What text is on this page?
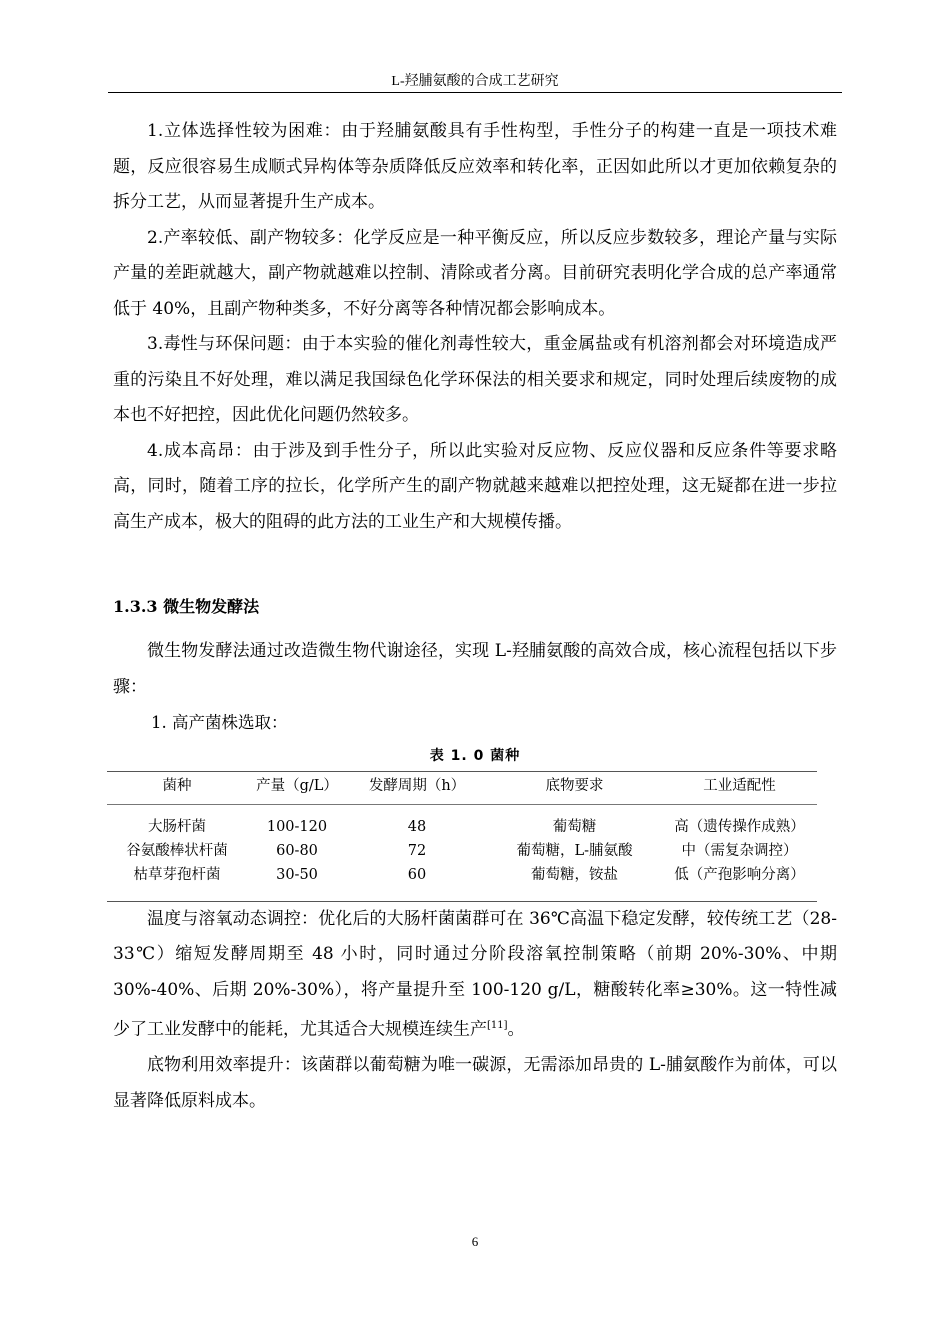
L-羟脯氨酸的合成工艺研究

1.立体选择性较为困难：由于羟脯氨酸具有手性构型，手性分子的构建一直是一项技术难题，反应很容易生成顺式异构体等杂质降低反应效率和转化率，正因如此所以才更加依赖复杂的拆分工艺，从而显著提升生产成本。

2.产率较低、副产物较多：化学反应是一种平衡反应，所以反应步数较多，理论产量与实际产量的差距就越大，副产物就越难以控制、清除或者分离。目前研究表明化学合成的总产率通常低于 40%，且副产物种类多，不好分离等各种情况都会影响成本。

3.毒性与环保问题：由于本实验的催化剂毒性较大，重金属盐或有机溶剂都会对环境造成严重的污染且不好处理，难以满足我国绿色化学环保法的相关要求和规定，同时处理后续废物的成本也不好把控，因此优化问题仍然较多。

4.成本高昂：由于涉及到手性分子，所以此实验对反应物、反应仪器和反应条件等要求略高，同时，随着工序的拉长，化学所产生的副产物就越来越难以把控处理，这无疑都在进一步拉高生产成本，极大的阻碍的此方法的工业生产和大规模传播。

1.3.3 微生物发酵法

微生物发酵法通过改造微生物代谢途径，实现 L-羟脯氨酸的高效合成，核心流程包括以下步骤：

1. 高产菌株选取：

表 1. 0 菌种
菌种	产量（g/L）	发酵周期（h）	底物要求	工业适配性
大肠杆菌	100-120	48	葡萄糖	高（遗传操作成熟）
谷氨酸棒状杆菌	60-80	72	葡萄糖，L-脯氨酸	中（需复杂调控）
枯草芽孢杆菌	30-50	60	葡萄糖，铵盐	低（产孢影响分离）

温度与溶氧动态调控：优化后的大肠杆菌菌群可在 36℃高温下稳定发酵，较传统工艺（28-33℃）缩短发酵周期至 48 小时，同时通过分阶段溶氧控制策略（前期 20%-30%、中期 30%-40%、后期 20%-30%），将产量提升至 100-120 g/L，糖酸转化率≥30%。这一特性减少了工业发酵中的能耗，尤其适合大规模连续生产[11]。

底物利用效率提升：该菌群以葡萄糖为唯一碳源，无需添加昂贵的 L-脯氨酸作为前体，可以显著降低原料成本。

6
